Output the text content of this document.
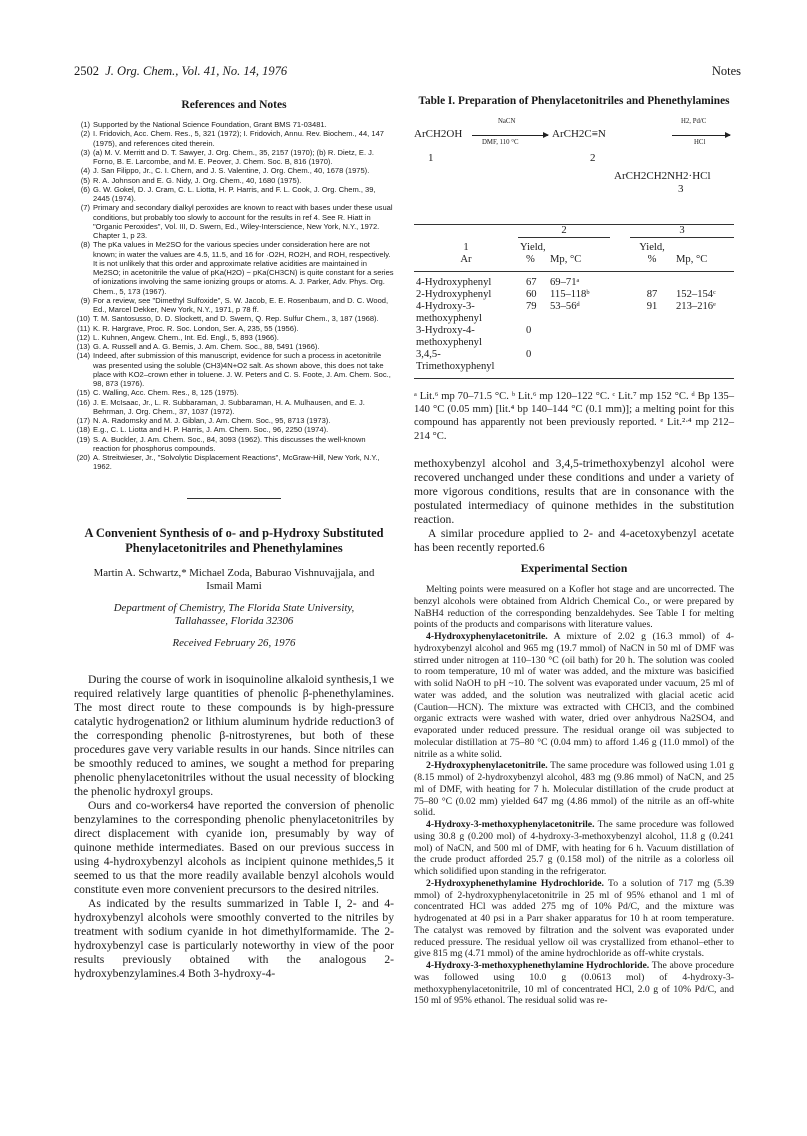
2502 J. Org. Chem., Vol. 41, No. 14, 1976	Notes
References and Notes
(1) Supported by the National Science Foundation, Grant BMS 71-03481.
(2) I. Fridovich, Acc. Chem. Res., 5, 321 (1972); I. Fridovich, Annu. Rev. Biochem., 44, 147 (1975), and references cited therein.
(3) (a) M. V. Merritt and D. T. Sawyer, J. Org. Chem., 35, 2157 (1970); (b) R. Dietz, E. J. Forno, B. E. Larcombe, and M. E. Peover, J. Chem. Soc. B, 816 (1970).
(4) J. San Filippo, Jr., C. I. Chern, and J. S. Valentine, J. Org. Chem., 40, 1678 (1975).
(5) R. A. Johnson and E. G. Nidy, J. Org. Chem., 40, 1680 (1975).
(6) G. W. Gokel, D. J. Cram, C. L. Liotta, H. P. Harris, and F. L. Cook, J. Org. Chem., 39, 2445 (1974).
(7) Primary and secondary dialkyl peroxides are known to react with bases under these usual conditions, but probably too slowly to account for the results in ref 4. See R. Hiatt in "Organic Peroxides", Vol. III, D. Swern, Ed., Wiley-Interscience, New York, N.Y., 1972. Chapter 1, p 23.
(8) The pKa values in Me2SO for the various species under consideration here are not known; in water the values are 4.5, 11.5, and 16 for ·O2H, RO2H, and ROH, respectively. It is not unlikely that this order and approximate relative acidities are maintained in Me2SO; in acetonitrile the value of pKa(H2O) − pKa(CH3CN) is quite constant for a series of ionizations involving the same ionizing groups or atoms. A. J. Parker, Adv. Phys. Org. Chem., 5, 173 (1967).
(9) For a review, see "Dimethyl Sulfoxide", S. W. Jacob, E. E. Rosenbaum, and D. C. Wood, Ed., Marcel Dekker, New York, N.Y., 1971, p 78 ff.
(10) T. M. Santosusso, D. D. Slockett, and D. Swern, Q. Rep. Sulfur Chem., 3, 187 (1968).
(11) K. R. Hargrave, Proc. R. Soc. London, Ser. A, 235, 55 (1956).
(12) L. Kuhnen, Angew. Chem., Int. Ed. Engl., 5, 893 (1966).
(13) G. A. Russell and A. G. Bemis, J. Am. Chem. Soc., 88, 5491 (1966).
(14) Indeed, after submission of this manuscript, evidence for such a process in acetonitrile was presented using the soluble (CH3)4N+O2 salt. As shown above, this does not take place with KO2–crown ether in toluene. J. W. Peters and C. S. Foote, J. Am. Chem. Soc., 98, 873 (1976).
(15) C. Walling, Acc. Chem. Res., 8, 125 (1975).
(16) J. E. McIsaac, Jr., L. R. Subbaraman, J. Subbaraman, H. A. Mulhausen, and E. J. Behrman, J. Org. Chem., 37, 1037 (1972).
(17) N. A. Radomsky and M. J. Giblan, J. Am. Chem. Soc., 95, 8713 (1973).
(18) E.g., C. L. Liotta and H. P. Harris, J. Am. Chem. Soc., 96, 2250 (1974).
(19) S. A. Buckler, J. Am. Chem. Soc., 84, 3093 (1962). This discusses the well-known reaction for phosphorus compounds.
(20) A. Streitwieser, Jr., "Solvolytic Displacement Reactions", McGraw-Hill, New York, N.Y., 1962.
A Convenient Synthesis of o- and p-Hydroxy Substituted Phenylacetonitriles and Phenethylamines
Martin A. Schwartz,* Michael Zoda, Baburao Vishnuvajjala, and Ismail Mami
Department of Chemistry, The Florida State University, Tallahassee, Florida 32306
Received February 26, 1976

During the course of work in isoquinoline alkaloid synthesis,1 we required relatively large quantities of phenolic β-phenethylamines. The most direct route to these compounds is by high-pressure catalytic hydrogenation2 or lithium aluminum hydride reduction3 of the corresponding phenolic β-nitrostyrenes, but both of these procedures gave very variable results in our hands. Since nitriles can be smoothly reduced to amines, we sought a method for preparing phenolic phenylacetonitriles without the usual necessity of blocking the phenolic hydroxyl groups.

Ours and co-workers4 have reported the conversion of phenolic benzylamines to the corresponding phenolic phenylacetonitriles by direct displacement with cyanide ion, presumably by way of quinone methide intermediates. Based on our previous success in using 4-hydroxybenzyl alcohols as incipient quinone methides,5 it seemed to us that the more readily available benzyl alcohols would constitute even more convenient precursors to the desired nitriles.

As indicated by the results summarized in Table I, 2- and 4-hydroxybenzyl alcohols were smoothly converted to the nitriles by treatment with sodium cyanide in hot dimethylformamide. The 2-hydroxybenzyl case is particularly noteworthy in view of the poor results previously obtained with the analogous 2-hydroxybenzylamines.4 Both 3-hydroxy-4-

Table I. Preparation of Phenylacetonitriles and Phenethylamines
ArCH2OH
NaCN
DMF, 110 °C
ArCH2C≡N
H2, Pd/C
HCl
1	2
ArCH2CH2NH2·HCl
3

	2			3	
1	Yield,			Yield,	
Ar	%	Mp, °C		%	Mp, °C
4-Hydroxyphenyl	67	69–71ᵃ			
2-Hydroxyphenyl	60	115–118ᵇ		87	152–154ᶜ
4-Hydroxy-3-methoxyphenyl	79	53–56ᵈ		91	213–216ᵉ
3-Hydroxy-4-methoxyphenyl	0				
3,4,5-Trimethoxyphenyl	0				

ᵃ Lit.⁶ mp 70–71.5 °C. ᵇ Lit.⁶ mp 120–122 °C. ᶜ Lit.⁷ mp 152 °C. ᵈ Bp 135–140 °C (0.05 mm) [lit.⁴ bp 140–144 °C (0.1 mm)]; a melting point for this compound has apparently not been previously reported. ᵉ Lit.²ᐧ⁴ mp 212–214 °C.

methoxybenzyl alcohol and 3,4,5-trimethoxybenzyl alcohol were recovered unchanged under these conditions and under a variety of more vigorous conditions, results that are in consonance with the postulated intermediacy of quinone methides in the substitution reaction.

A similar procedure applied to 2- and 4-acetoxybenzyl acetate has been recently reported.6

Experimental Section

Melting points were measured on a Kofler hot stage and are uncorrected. The benzyl alcohols were obtained from Aldrich Chemical Co., or were prepared by NaBH4 reduction of the corresponding benzaldehydes. See Table I for melting points of the products and comparisons with literature values.

4-Hydroxyphenylacetonitrile. A mixture of 2.02 g (16.3 mmol) of 4-hydroxybenzyl alcohol and 965 mg (19.7 mmol) of NaCN in 50 ml of DMF was stirred under nitrogen at 110–130 °C (oil bath) for 20 h. The solution was cooled to room temperature, 10 ml of water was added, and the mixture was basicified with solid NaOH to pH ~10. The solvent was evaporated under vacuum, 25 ml of water was added, and the solution was neutralized with glacial acetic acid (Caution—HCN). The mixture was extracted with CHCl3, and the combined organic extracts were washed with water, dried over anhydrous Na2SO4, and evaporated under reduced pressure. The residual orange oil was subjected to molecular distillation at 75–80 °C (0.04 mm) to afford 1.46 g (11.0 mmol) of the nitrile as a white solid.

2-Hydroxyphenylacetonitrile. The same procedure was followed using 1.01 g (8.15 mmol) of 2-hydroxybenzyl alcohol, 483 mg (9.86 mmol) of NaCN, and 25 ml of DMF, with heating for 7 h. Molecular distillation of the crude product at 75–80 °C (0.02 mm) yielded 647 mg (4.86 mmol) of the nitrile as an off-white solid.

4-Hydroxy-3-methoxyphenylacetonitrile. The same procedure was followed using 30.8 g (0.200 mol) of 4-hydroxy-3-methoxybenzyl alcohol, 11.8 g (0.241 mol) of NaCN, and 500 ml of DMF, with heating for 6 h. Vacuum distillation of the crude product afforded 25.7 g (0.158 mol) of the nitrile as a colorless oil which solidified upon standing in the refrigerator.

2-Hydroxyphenethylamine Hydrochloride. To a solution of 717 mg (5.39 mmol) of 2-hydroxyphenylacetonitrile in 25 ml of 95% ethanol and 1 ml of concentrated HCl was added 275 mg of 10% Pd/C, and the mixture was hydrogenated at 40 psi in a Parr shaker apparatus for 10 h at room temperature. The catalyst was removed by filtration and the solvent was evaporated under reduced pressure. The residual yellow oil was crystallized from ethanol–ether to give 815 mg (4.71 mmol) of the amine hydrochloride as off-white crystals.

4-Hydroxy-3-methoxyphenethylamine Hydrochloride. The above procedure was followed using 10.0 g (0.0613 mol) of 4-hydroxy-3-methoxyphenylacetonitrile, 10 ml of concentrated HCl, 2.0 g of 10% Pd/C, and 150 ml of 95% ethanol. The residual solid was re-
